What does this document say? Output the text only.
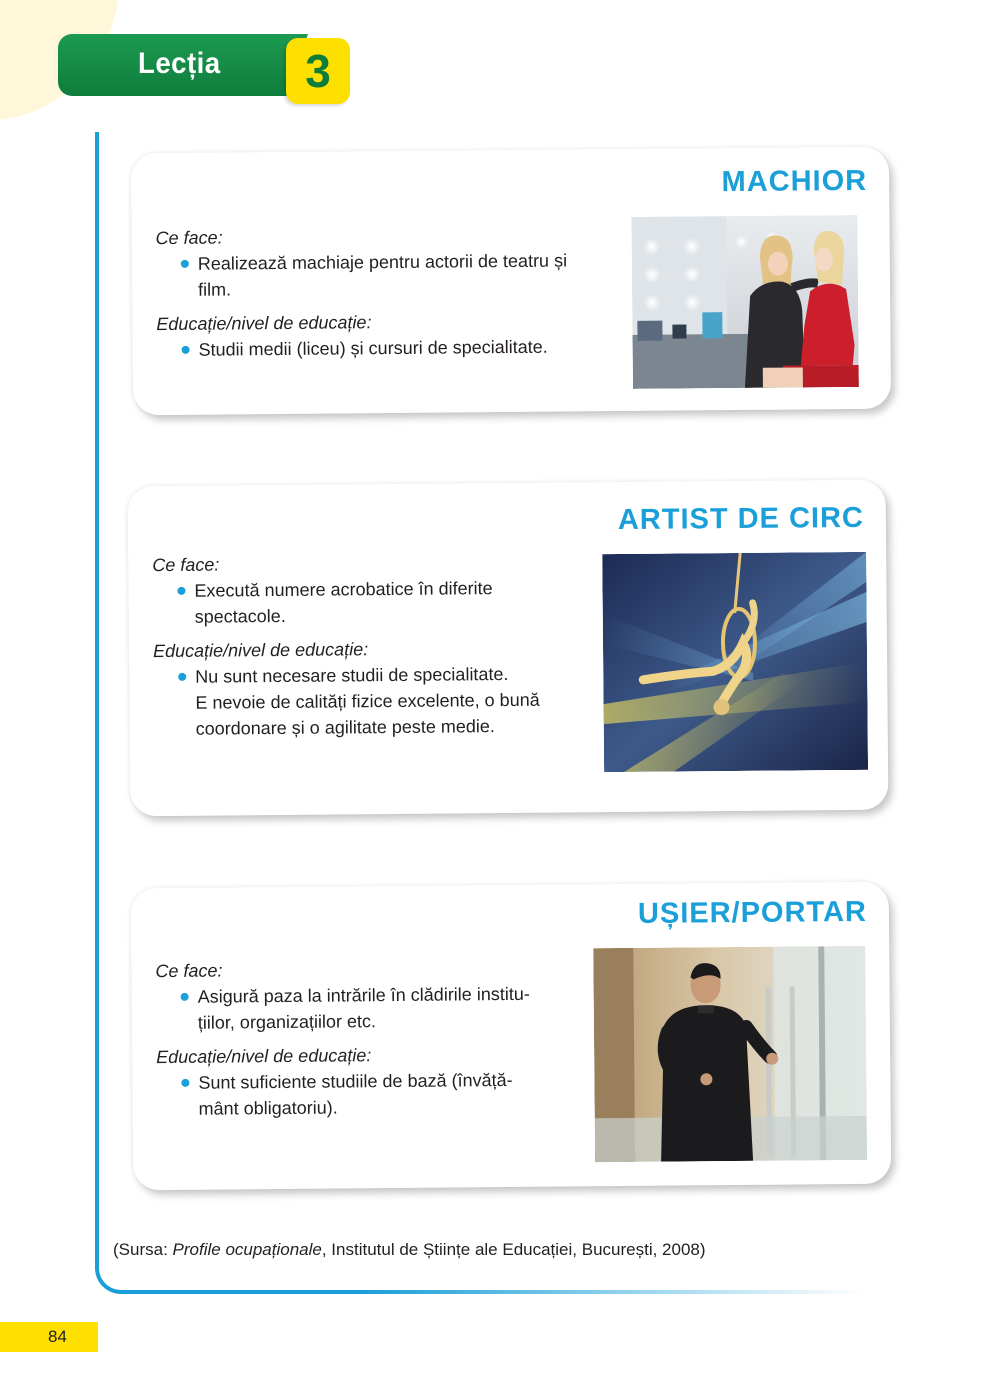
Lecția 3
MACHIOR

Ce face:

Realizează machiaje pentru actorii de teatru și
film.

Educație/nivel de educație:

Studii medii (liceu) și cursuri de specialitate.
ARTIST DE CIRC

Ce face:

Execută numere acrobatice în diferite
spectacole.

Educație/nivel de educație:

Nu sunt necesare studii de specialitate.
E nevoie de calități fizice excelente, o bună
coordonare și o agilitate peste medie.
UȘIER/PORTAR

Ce face:

Asigură paza la intrările în clădirile institu-
țiilor, organizațiilor etc.

Educație/nivel de educație:

Sunt suficiente studiile de bază (învăță-
mânt obligatoriu).
(Sursa: Profile ocupaționale, Institutul de Științe ale Educației, București, 2008)
84
